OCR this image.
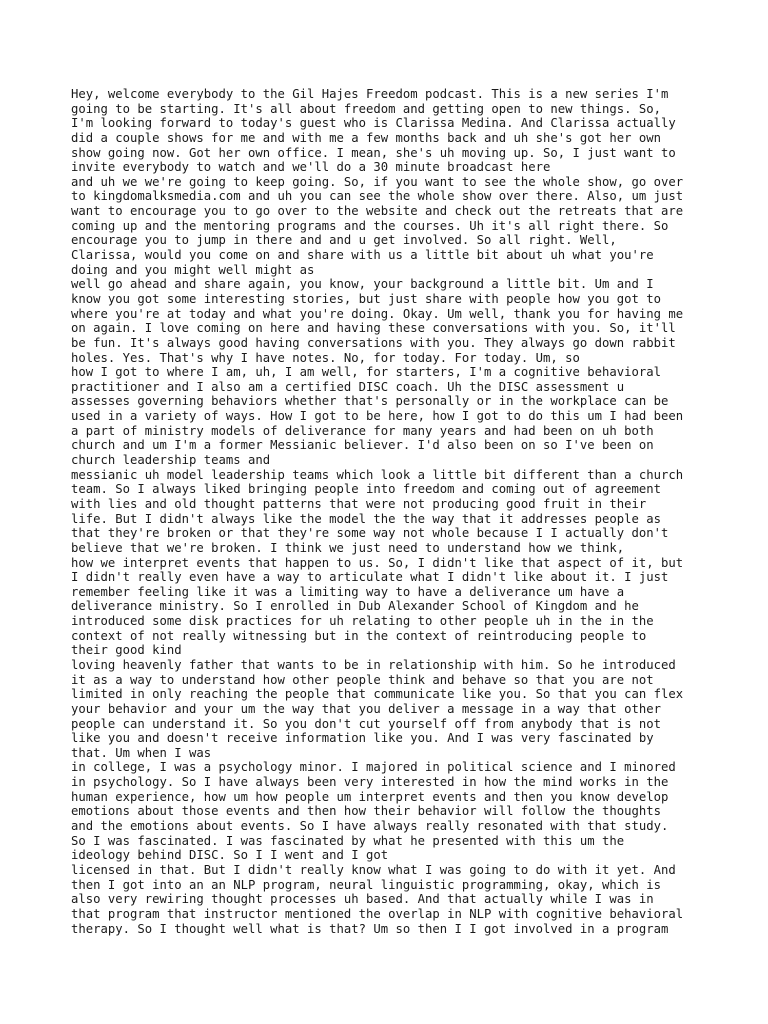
Hey, welcome everybody to the Gil Hajes Freedom podcast. This is a new series I'm
going to be starting. It's all about freedom and getting open to new things. So,
I'm looking forward to today's guest who is Clarissa Medina. And Clarissa actually
did a couple shows for me and with me a few months back and uh she's got her own
show going now. Got her own office. I mean, she's uh moving up. So, I just want to
invite everybody to watch and we'll do a 30 minute broadcast here
and uh we we're going to keep going. So, if you want to see the whole show, go over
to kingdomalksmedia.com and uh you can see the whole show over there. Also, um just
want to encourage you to go over to the website and check out the retreats that are
coming up and the mentoring programs and the courses. Uh it's all right there. So
encourage you to jump in there and and u get involved. So all right. Well,
Clarissa, would you come on and share with us a little bit about uh what you're
doing and you might well might as
well go ahead and share again, you know, your background a little bit. Um and I
know you got some interesting stories, but just share with people how you got to
where you're at today and what you're doing. Okay. Um well, thank you for having me
on again. I love coming on here and having these conversations with you. So, it'll
be fun. It's always good having conversations with you. They always go down rabbit
holes. Yes. That's why I have notes. No, for today. For today. Um, so
how I got to where I am, uh, I am well, for starters, I'm a cognitive behavioral
practitioner and I also am a certified DISC coach. Uh the DISC assessment u
assesses governing behaviors whether that's personally or in the workplace can be
used in a variety of ways. How I got to be here, how I got to do this um I had been
a part of ministry models of deliverance for many years and had been on uh both
church and um I'm a former Messianic believer. I'd also been on so I've been on
church leadership teams and
messianic uh model leadership teams which look a little bit different than a church
team. So I always liked bringing people into freedom and coming out of agreement
with lies and old thought patterns that were not producing good fruit in their
life. But I didn't always like the model the the way that it addresses people as
that they're broken or that they're some way not whole because I I actually don't
believe that we're broken. I think we just need to understand how we think,
how we interpret events that happen to us. So, I didn't like that aspect of it, but
I didn't really even have a way to articulate what I didn't like about it. I just
remember feeling like it was a limiting way to have a deliverance um have a
deliverance ministry. So I enrolled in Dub Alexander School of Kingdom and he
introduced some disk practices for uh relating to other people uh in the in the
context of not really witnessing but in the context of reintroducing people to
their good kind
loving heavenly father that wants to be in relationship with him. So he introduced
it as a way to understand how other people think and behave so that you are not
limited in only reaching the people that communicate like you. So that you can flex
your behavior and your um the way that you deliver a message in a way that other
people can understand it. So you don't cut yourself off from anybody that is not
like you and doesn't receive information like you. And I was very fascinated by
that. Um when I was
in college, I was a psychology minor. I majored in political science and I minored
in psychology. So I have always been very interested in how the mind works in the
human experience, how um how people um interpret events and then you know develop
emotions about those events and then how their behavior will follow the thoughts
and the emotions about events. So I have always really resonated with that study.
So I was fascinated. I was fascinated by what he presented with this um the
ideology behind DISC. So I I went and I got
licensed in that. But I didn't really know what I was going to do with it yet. And
then I got into an an NLP program, neural linguistic programming, okay, which is
also very rewiring thought processes uh based. And that actually while I was in
that program that instructor mentioned the overlap in NLP with cognitive behavioral
therapy. So I thought well what is that? Um so then I I got involved in a program
